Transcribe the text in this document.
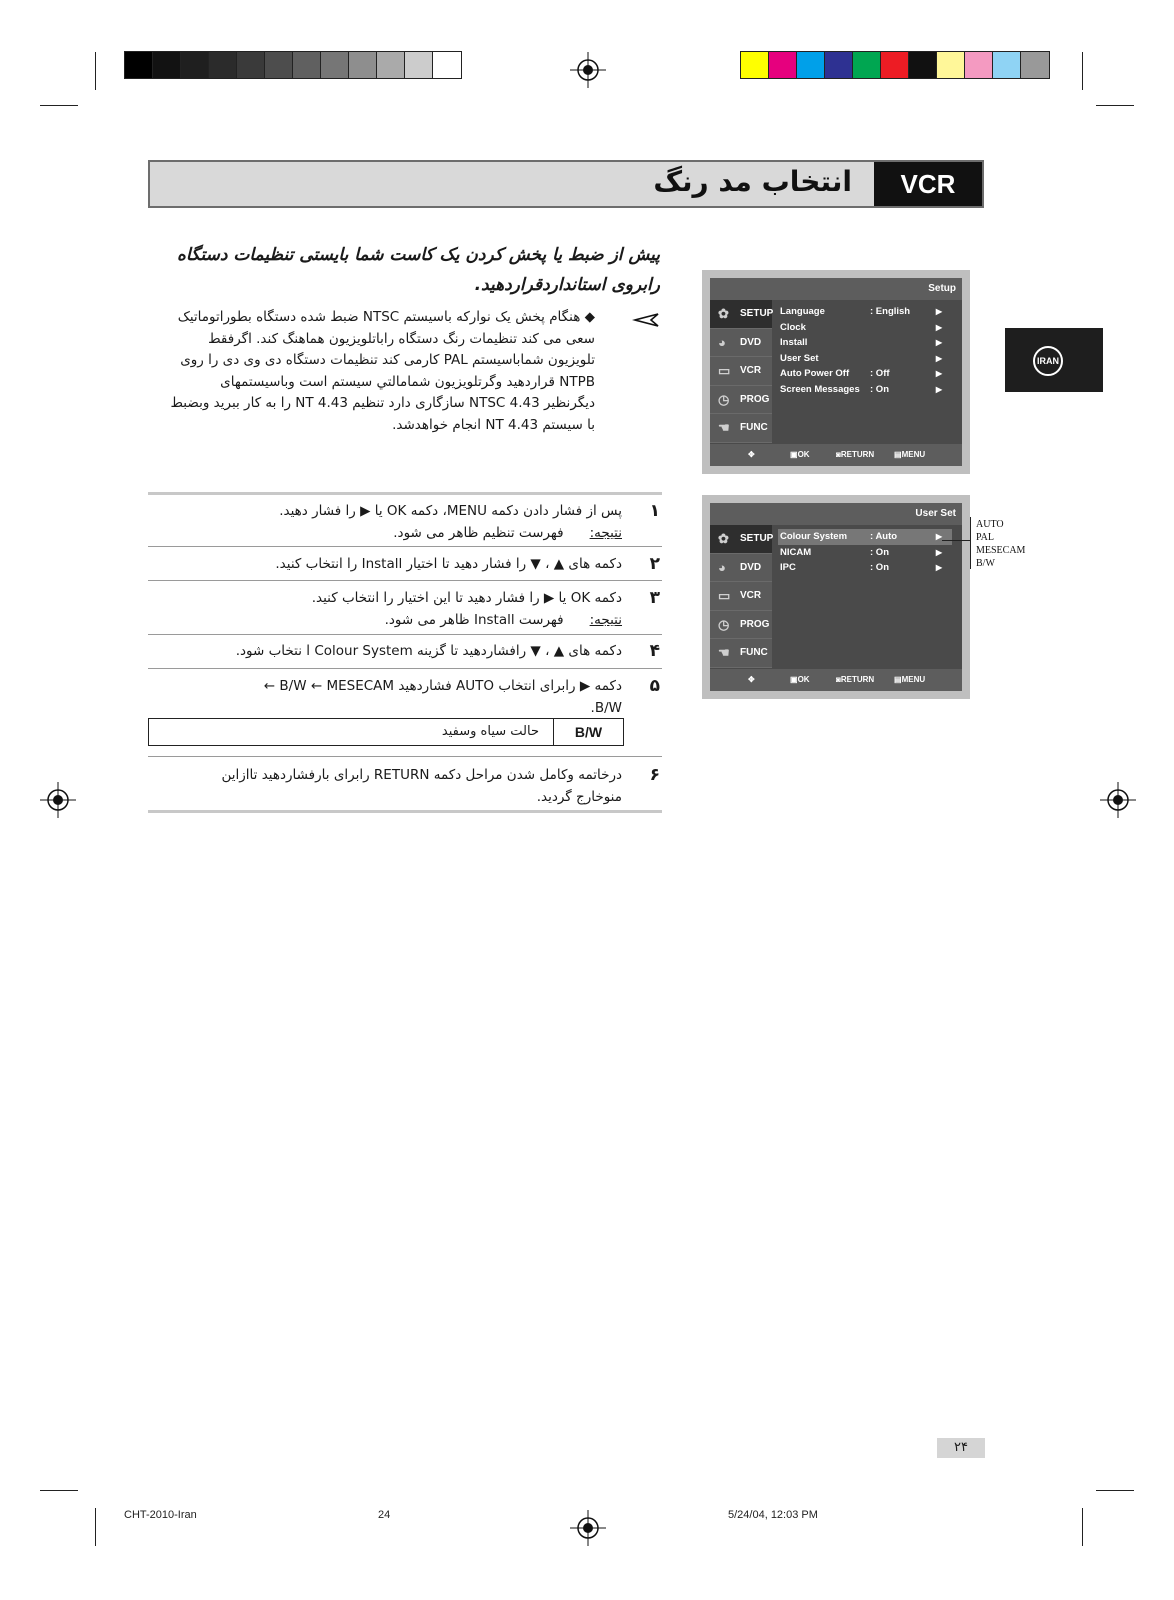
انتخاب مد رنگ	VCR
IRAN
پیش از ضبط یا پخش کردن یک کاست شما بایستی تنظیمات دستگاه رابروی استانداردقراردهید.
◆ هنگام پخش یک نوارکه باسیستم NTSC ضبط شده دستگاه بطوراتوماتیک سعی می کند تنظیمات رنگ دستگاه راباتلویزیون هماهنگ کند. اگرفقط تلویزیون شماباسیستم PAL کارمی کند تنظیمات دستگاه دی وی دی را روی NTPB قراردهید وگرتلویزیون شمامالتي سیستم است وباسیستمهای دیگرنظیر NTSC 4.43 سازگاری دارد تنظیم NT 4.43 را به کار ببرید وبضبط با سیستم NT 4.43 انجام خواهدشد.
١
پس از فشار دادن دکمه MENU، دکمه OK یا ▶ را فشار دهید.
نتیجه:فهرست تنظیم ظاهر می شود.
٢
دکمه های ▲ ، ▼ را فشار دهید تا اختیار Install را انتخاب کنید.
٣
دکمه OK یا ▶ را فشار دهید تا این اختیار را انتخاب کنید.
نتیجه:فهرست Install ظاهر می شود.
۴
دکمه های ▲ ، ▼ رافشاردهید تا گزینه Colour System ا نتخاب شود.
۵
دکمه ▶ رابرای انتخاب AUTO فشاردهید B/W ← MESECAM ←
B/W.
B/W
حالت سیاه وسفید
۶
درخاتمه وکامل شدن مراحل دکمه RETURN رابرای بارفشاردهید تاازاین
منوخارج گردید.
Setup
✿	SETUP
◕	DVD
▭ VCR
◷	PROG
☚	FUNC
Language	: English	▶
Clock	▶
Install	▶
User Set	▶
Auto Power Off : Off	▶
Screen Messages : On	▶
✥	▣ OK	◙ RETURN ▤ MENU
User Set
✿	SETUP
◕	DVD
▭ VCR
◷	PROG
☚	FUNC
Colour System : Auto	▶
NICAM	: On	▶
IPC	: On	▶
✥	▣ OK	◙ RETURN ▤ MENU
AUTO
PAL
MESECAM
B/W
٢۴
CHT-2010-Iran	24	5/24/04, 12:03 PM
